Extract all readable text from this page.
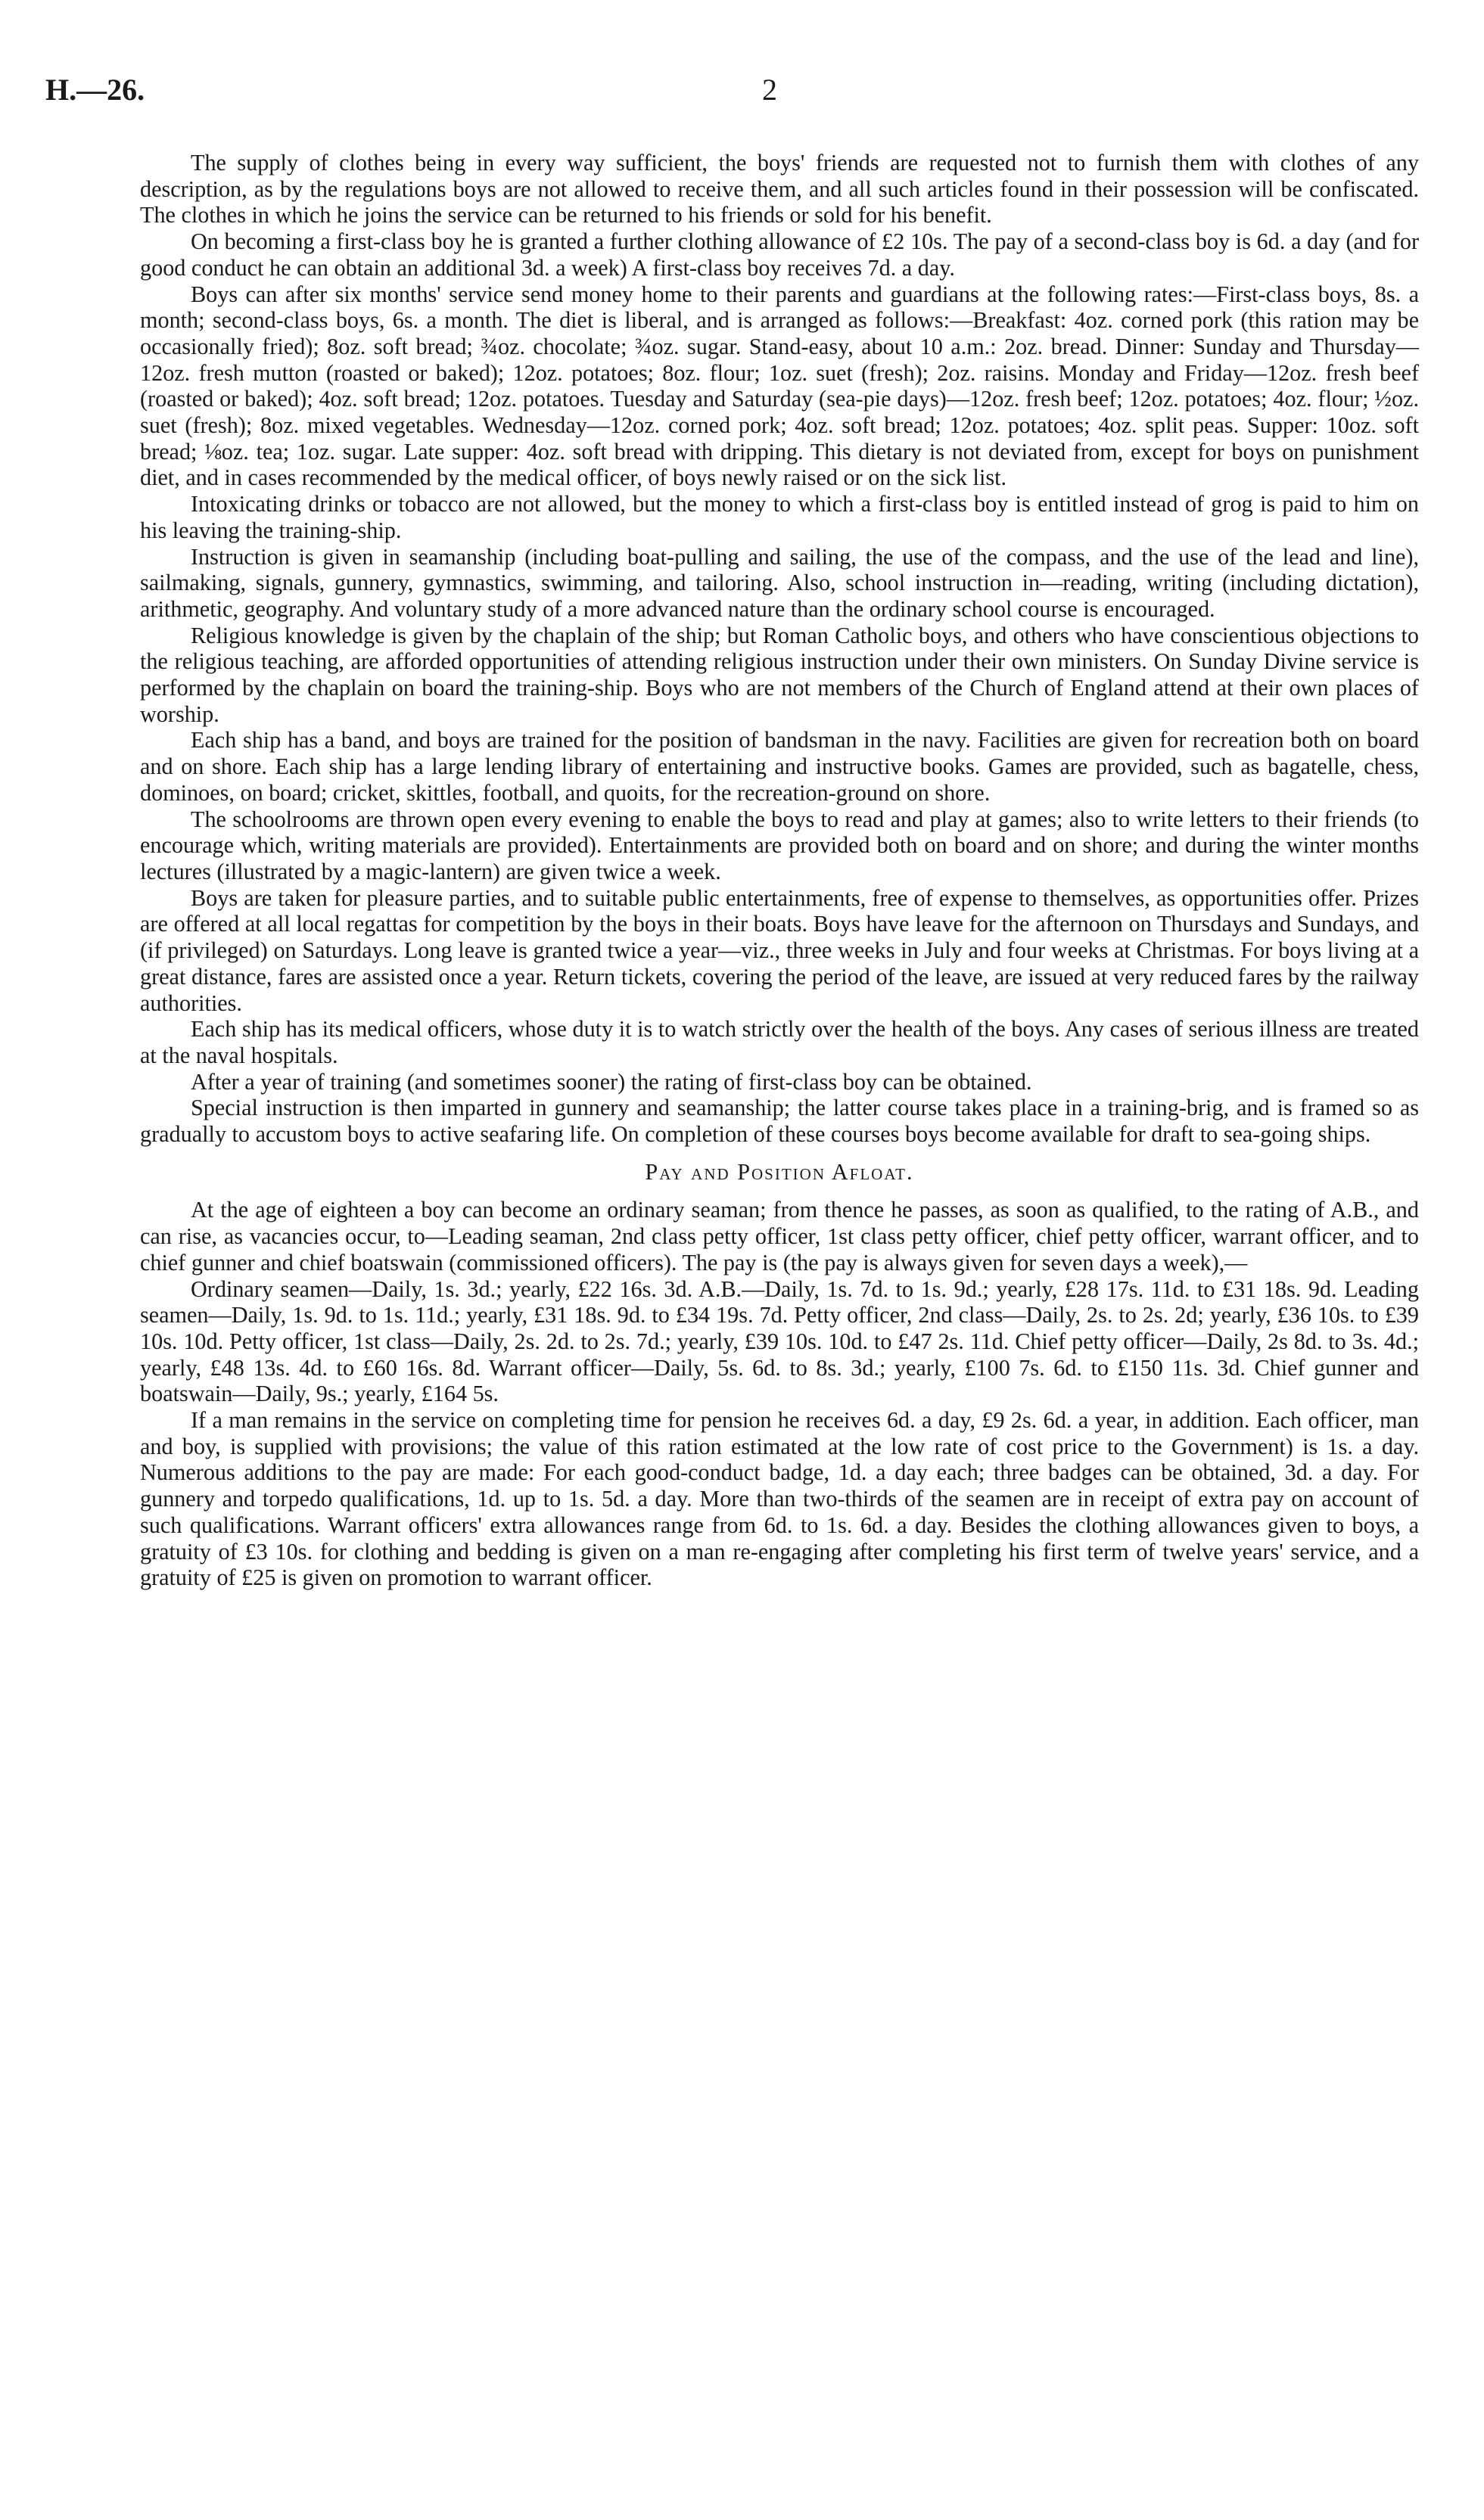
H.—26.	2

The supply of clothes being in every way sufficient, the boys' friends are requested not to furnish them with clothes of any description, as by the regulations boys are not allowed to receive them, and all such articles found in their possession will be confiscated. The clothes in which he joins the service can be returned to his friends or sold for his benefit.

On becoming a first-class boy he is granted a further clothing allowance of £2 10s. The pay of a second-class boy is 6d. a day (and for good conduct he can obtain an additional 3d. a week) A first-class boy receives 7d. a day.

Boys can after six months' service send money home to their parents and guardians at the following rates:—First-class boys, 8s. a month; second-class boys, 6s. a month. The diet is liberal, and is arranged as follows:—Breakfast: 4oz. corned pork (this ration may be occasionally fried); 8oz. soft bread; ¾oz. chocolate; ¾oz. sugar. Stand-easy, about 10 a.m.: 2oz. bread. Dinner: Sunday and Thursday—12oz. fresh mutton (roasted or baked); 12oz. potatoes; 8oz. flour; 1oz. suet (fresh); 2oz. raisins. Monday and Friday—12oz. fresh beef (roasted or baked); 4oz. soft bread; 12oz. potatoes. Tuesday and Saturday (sea-pie days)—12oz. fresh beef; 12oz. potatoes; 4oz. flour; ½oz. suet (fresh); 8oz. mixed vegetables. Wednesday—12oz. corned pork; 4oz. soft bread; 12oz. potatoes; 4oz. split peas. Supper: 10oz. soft bread; ⅛oz. tea; 1oz. sugar. Late supper: 4oz. soft bread with dripping. This dietary is not deviated from, except for boys on punishment diet, and in cases recommended by the medical officer, of boys newly raised or on the sick list.

Intoxicating drinks or tobacco are not allowed, but the money to which a first-class boy is entitled instead of grog is paid to him on his leaving the training-ship.

Instruction is given in seamanship (including boat-pulling and sailing, the use of the compass, and the use of the lead and line), sailmaking, signals, gunnery, gymnastics, swimming, and tailoring. Also, school instruction in—reading, writing (including dictation), arithmetic, geography. And voluntary study of a more advanced nature than the ordinary school course is encouraged.

Religious knowledge is given by the chaplain of the ship; but Roman Catholic boys, and others who have conscientious objections to the religious teaching, are afforded opportunities of attending religious instruction under their own ministers. On Sunday Divine service is performed by the chaplain on board the training-ship. Boys who are not members of the Church of England attend at their own places of worship.

Each ship has a band, and boys are trained for the position of bandsman in the navy. Facilities are given for recreation both on board and on shore. Each ship has a large lending library of entertaining and instructive books. Games are provided, such as bagatelle, chess, dominoes, on board; cricket, skittles, football, and quoits, for the recreation-ground on shore.

The schoolrooms are thrown open every evening to enable the boys to read and play at games; also to write letters to their friends (to encourage which, writing materials are provided). Entertainments are provided both on board and on shore; and during the winter months lectures (illustrated by a magic-lantern) are given twice a week.

Boys are taken for pleasure parties, and to suitable public entertainments, free of expense to themselves, as opportunities offer. Prizes are offered at all local regattas for competition by the boys in their boats. Boys have leave for the afternoon on Thursdays and Sundays, and (if privileged) on Saturdays. Long leave is granted twice a year—viz., three weeks in July and four weeks at Christmas. For boys living at a great distance, fares are assisted once a year. Return tickets, covering the period of the leave, are issued at very reduced fares by the railway authorities.

Each ship has its medical officers, whose duty it is to watch strictly over the health of the boys. Any cases of serious illness are treated at the naval hospitals.

After a year of training (and sometimes sooner) the rating of first-class boy can be obtained.

Special instruction is then imparted in gunnery and seamanship; the latter course takes place in a training-brig, and is framed so as gradually to accustom boys to active seafaring life. On completion of these courses boys become available for draft to sea-going ships.

Pay and Position Afloat.

At the age of eighteen a boy can become an ordinary seaman; from thence he passes, as soon as qualified, to the rating of A.B., and can rise, as vacancies occur, to—Leading seaman, 2nd class petty officer, 1st class petty officer, chief petty officer, warrant officer, and to chief gunner and chief boatswain (commissioned officers). The pay is (the pay is always given for seven days a week),—

Ordinary seamen—Daily, 1s. 3d.; yearly, £22 16s. 3d. A.B.—Daily, 1s. 7d. to 1s. 9d.; yearly, £28 17s. 11d. to £31 18s. 9d. Leading seamen—Daily, 1s. 9d. to 1s. 11d.; yearly, £31 18s. 9d. to £34 19s. 7d. Petty officer, 2nd class—Daily, 2s. to 2s. 2d; yearly, £36 10s. to £39 10s. 10d. Petty officer, 1st class—Daily, 2s. 2d. to 2s. 7d.; yearly, £39 10s. 10d. to £47 2s. 11d. Chief petty officer—Daily, 2s 8d. to 3s. 4d.; yearly, £48 13s. 4d. to £60 16s. 8d. Warrant officer—Daily, 5s. 6d. to 8s. 3d.; yearly, £100 7s. 6d. to £150 11s. 3d. Chief gunner and boatswain—Daily, 9s.; yearly, £164 5s.

If a man remains in the service on completing time for pension he receives 6d. a day, £9 2s. 6d. a year, in addition. Each officer, man and boy, is supplied with provisions; the value of this ration estimated at the low rate of cost price to the Government) is 1s. a day. Numerous additions to the pay are made: For each good-conduct badge, 1d. a day each; three badges can be obtained, 3d. a day. For gunnery and torpedo qualifications, 1d. up to 1s. 5d. a day. More than two-thirds of the seamen are in receipt of extra pay on account of such qualifications. Warrant officers' extra allowances range from 6d. to 1s. 6d. a day. Besides the clothing allowances given to boys, a gratuity of £3 10s. for clothing and bedding is given on a man re-engaging after completing his first term of twelve years' service, and a gratuity of £25 is given on promotion to warrant officer.
